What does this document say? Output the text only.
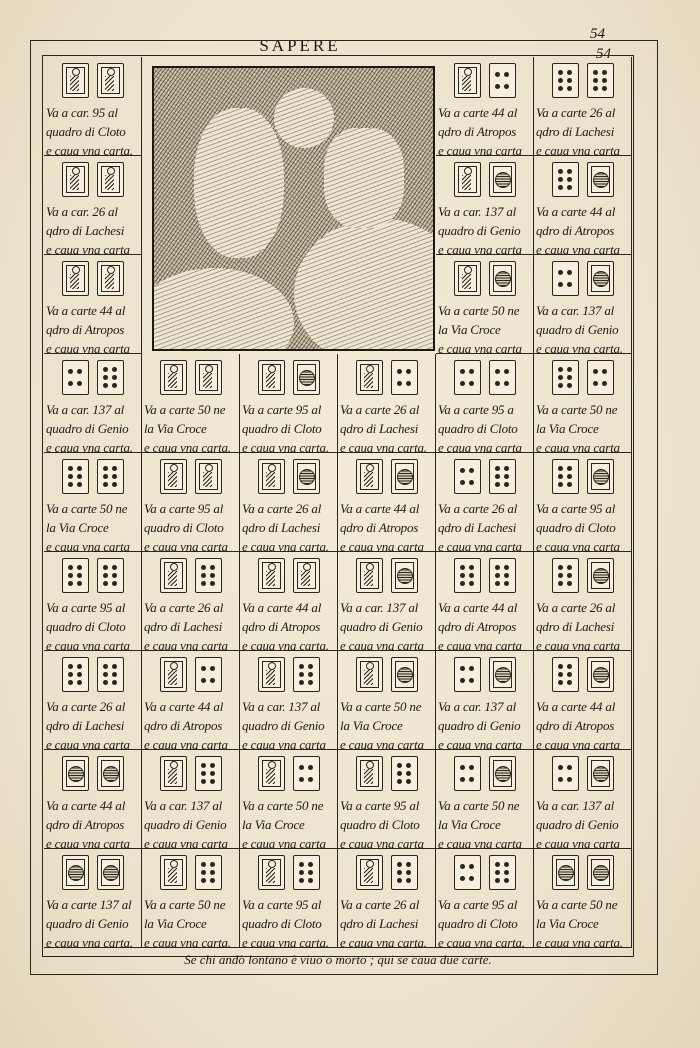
54
54
SAPERE
Va a car. 95 al
quadro di Cloto
e caua vna carta.
Va a car. 26 al
qdro di Lachesi
e caua vna carta
Va a carte 44 al
qdro di Atropos
e caua vna carta
Va a carte 44 al
qdro di Atropos
e caua vna carta
Va a carte 26 al
qdro di Lachesi
e caua vna carta
Va a car. 137 al
quadro di Genio
e caua vna carta
Va a carte 44 al
qdro di Atropos
e caua vna carta
Va a carte 50 ne
la Via Croce
e caua vna carta
Va a car. 137 al
quadro di Genio
e caua vna carta.
Va a car. 137 al
quadro di Genio
e caua vna carta.
Va a carte 50 ne
la Via Croce
e caua vna carta.
Va a carte 95 al
quadro di Cloto
e caua vna carta.
Va a carte 26 al
qdro di Lachesi
e caua vna carta.
Va a carte 95 a
quadro di Cloto
e caua vna carta
Va a carte 50 ne
la Via Croce
e caua vna carta
Va a carte 50 ne
la Via Croce
e caua vna carta
Va a carte 95 al
quadro di Cloto
e caua vna carta
Va a carte 26 al
qdro di Lachesi
e caua vna carta.
Va a carte 44 al
qdro di Atropos
e caua vna carta
Va a carte 26 al
qdro di Lachesi
e caua vna carta
Va a carte 95 al
quadro di Cloto
e caua vna carta
Va a carte 95 al
quadro di Cloto
e caua vna carta
Va a carte 26 al
qdro di Lachesi
e caua vna carta
Va a carte 44 al
qdro di Atropos
e caua vna carta.
Va a car. 137 al
quadro di Genio
e caua vna carta
Va a carte 44 al
qdro di Atropos
e caua vna carta
Va a carte 26 al
qdro di Lachesi
e caua vna carta
Va a carte 26 al
qdro di Lachesi
e caua vna carta
Va a carte 44 al
qdro di Atropos
e caua vna carta
Va a car. 137 al
quadro di Genio
e caua vna carta
Va a carte 50 ne
la Via Croce
e caua vna carta
Va a car. 137 al
quadro di Genio
e caua vna carta
Va a carte 44 al
qdro di Atropos
e caua vna carta
Va a carte 44 al
qdro di Atropos
e caua vna carta
Va a car. 137 al
quadro di Genio
e caua vna carta
Va a carte 50 ne
la Via Croce
e caua vna carta
Va a carte 95 al
quadro di Cloto
e caua vna carta
Va a carte 50 ne
la Via Croce
e caua vna carta
Va a car. 137 al
quadro di Genio
e caua vna carta
Va a carte 137 al
quadro di Genio
e caua vna carta.
Va a carte 50 ne
la Via Croce
e caua vna carta.
Va a carte 95 al
quadro di Cloto
e caua vna carta.
Va a carte 26 al
qdro di Lachesi
e caua vna carta.
Va a carte 95 al
quadro di Cloto
e caua vna carta.
Va a carte 50 ne
la Via Croce
e caua vna carta.
Se chi andò lontano è viuo o morto ; qui se caua due carte.
